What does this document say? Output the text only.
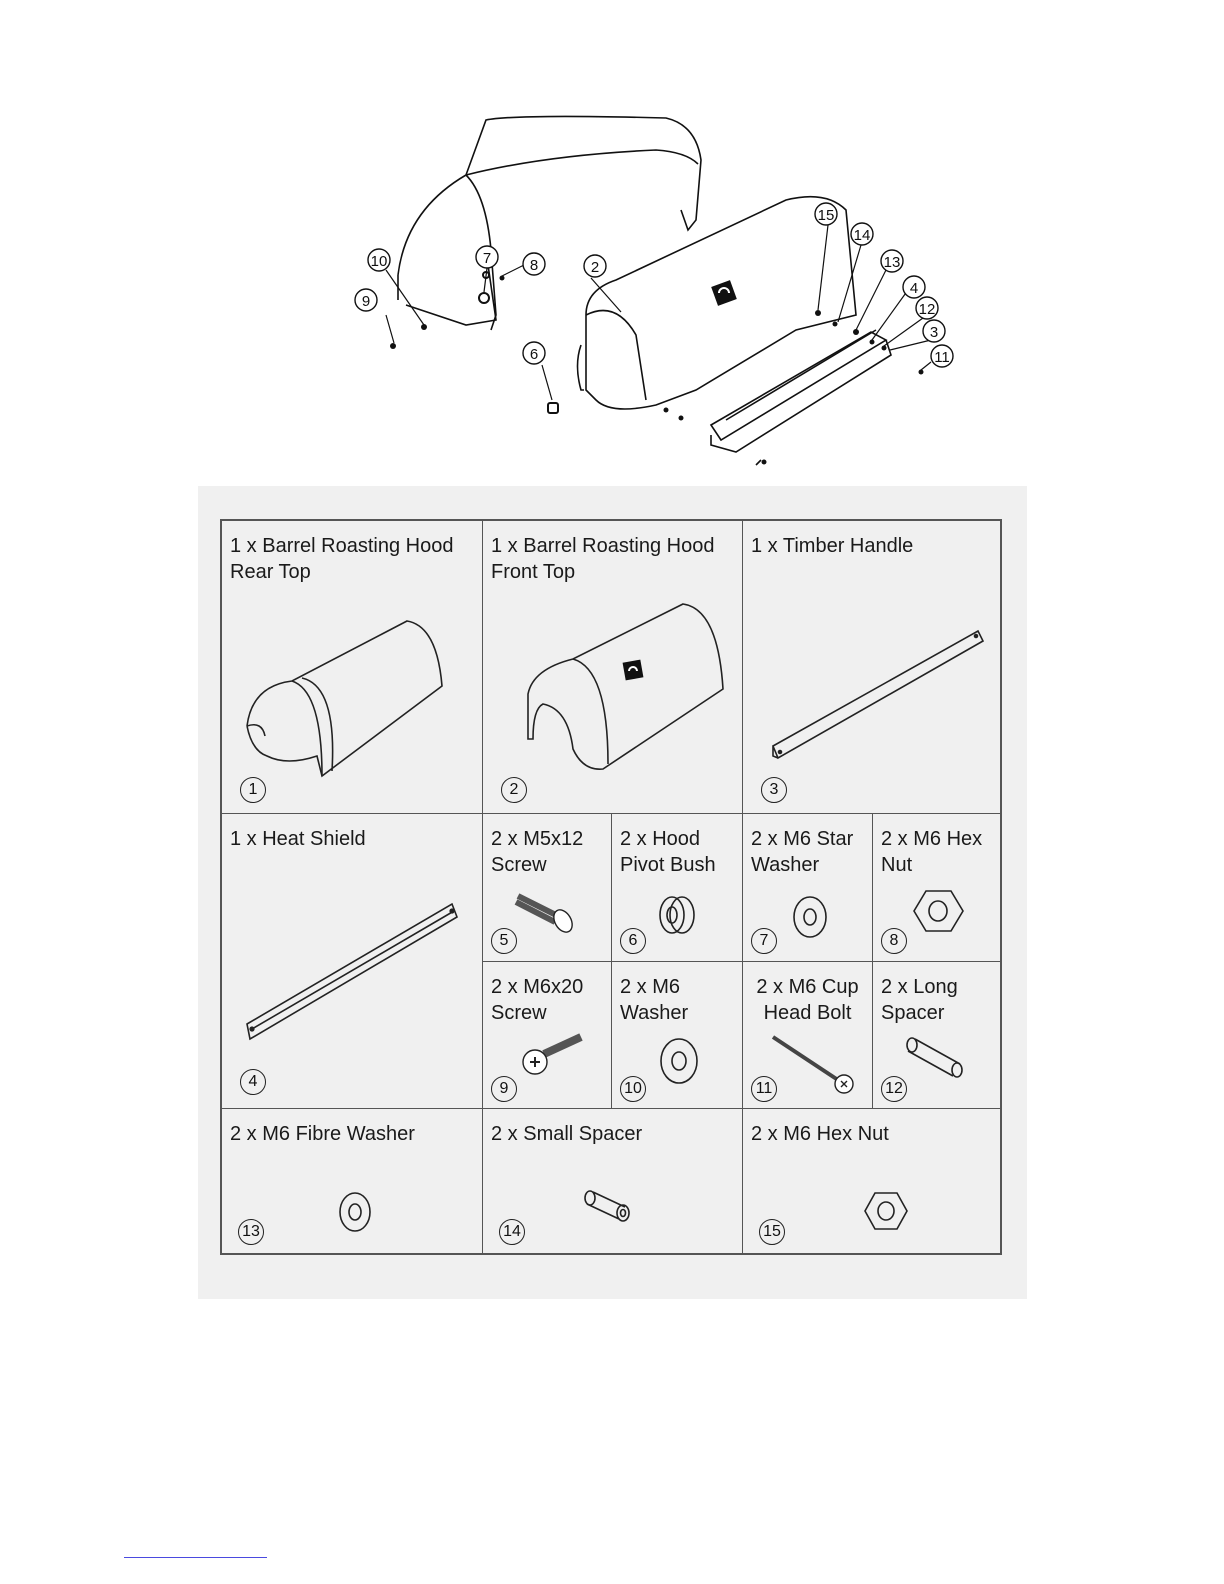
10
9
7	8	2
6
15
14
13
4
12
3
11
1 x Barrel Roasting Hood
Rear Top
1
1 x Barrel Roasting Hood
Front Top
2
1 x Timber Handle
3
1 x Heat Shield
4
2 x M5x12
Screw
5
2 x Hood
Pivot Bush
6
2 x M6 Star
Washer
7
2 x M6 Hex
Nut
8
2 x M6x20
Screw
9
2 x M6
Washer
10
2 x M6 Cup
Head Bolt
11
2 x Long
Spacer
12
2 x M6 Fibre Washer
13
2 x Small Spacer
14
2 x M6 Hex Nut
15
